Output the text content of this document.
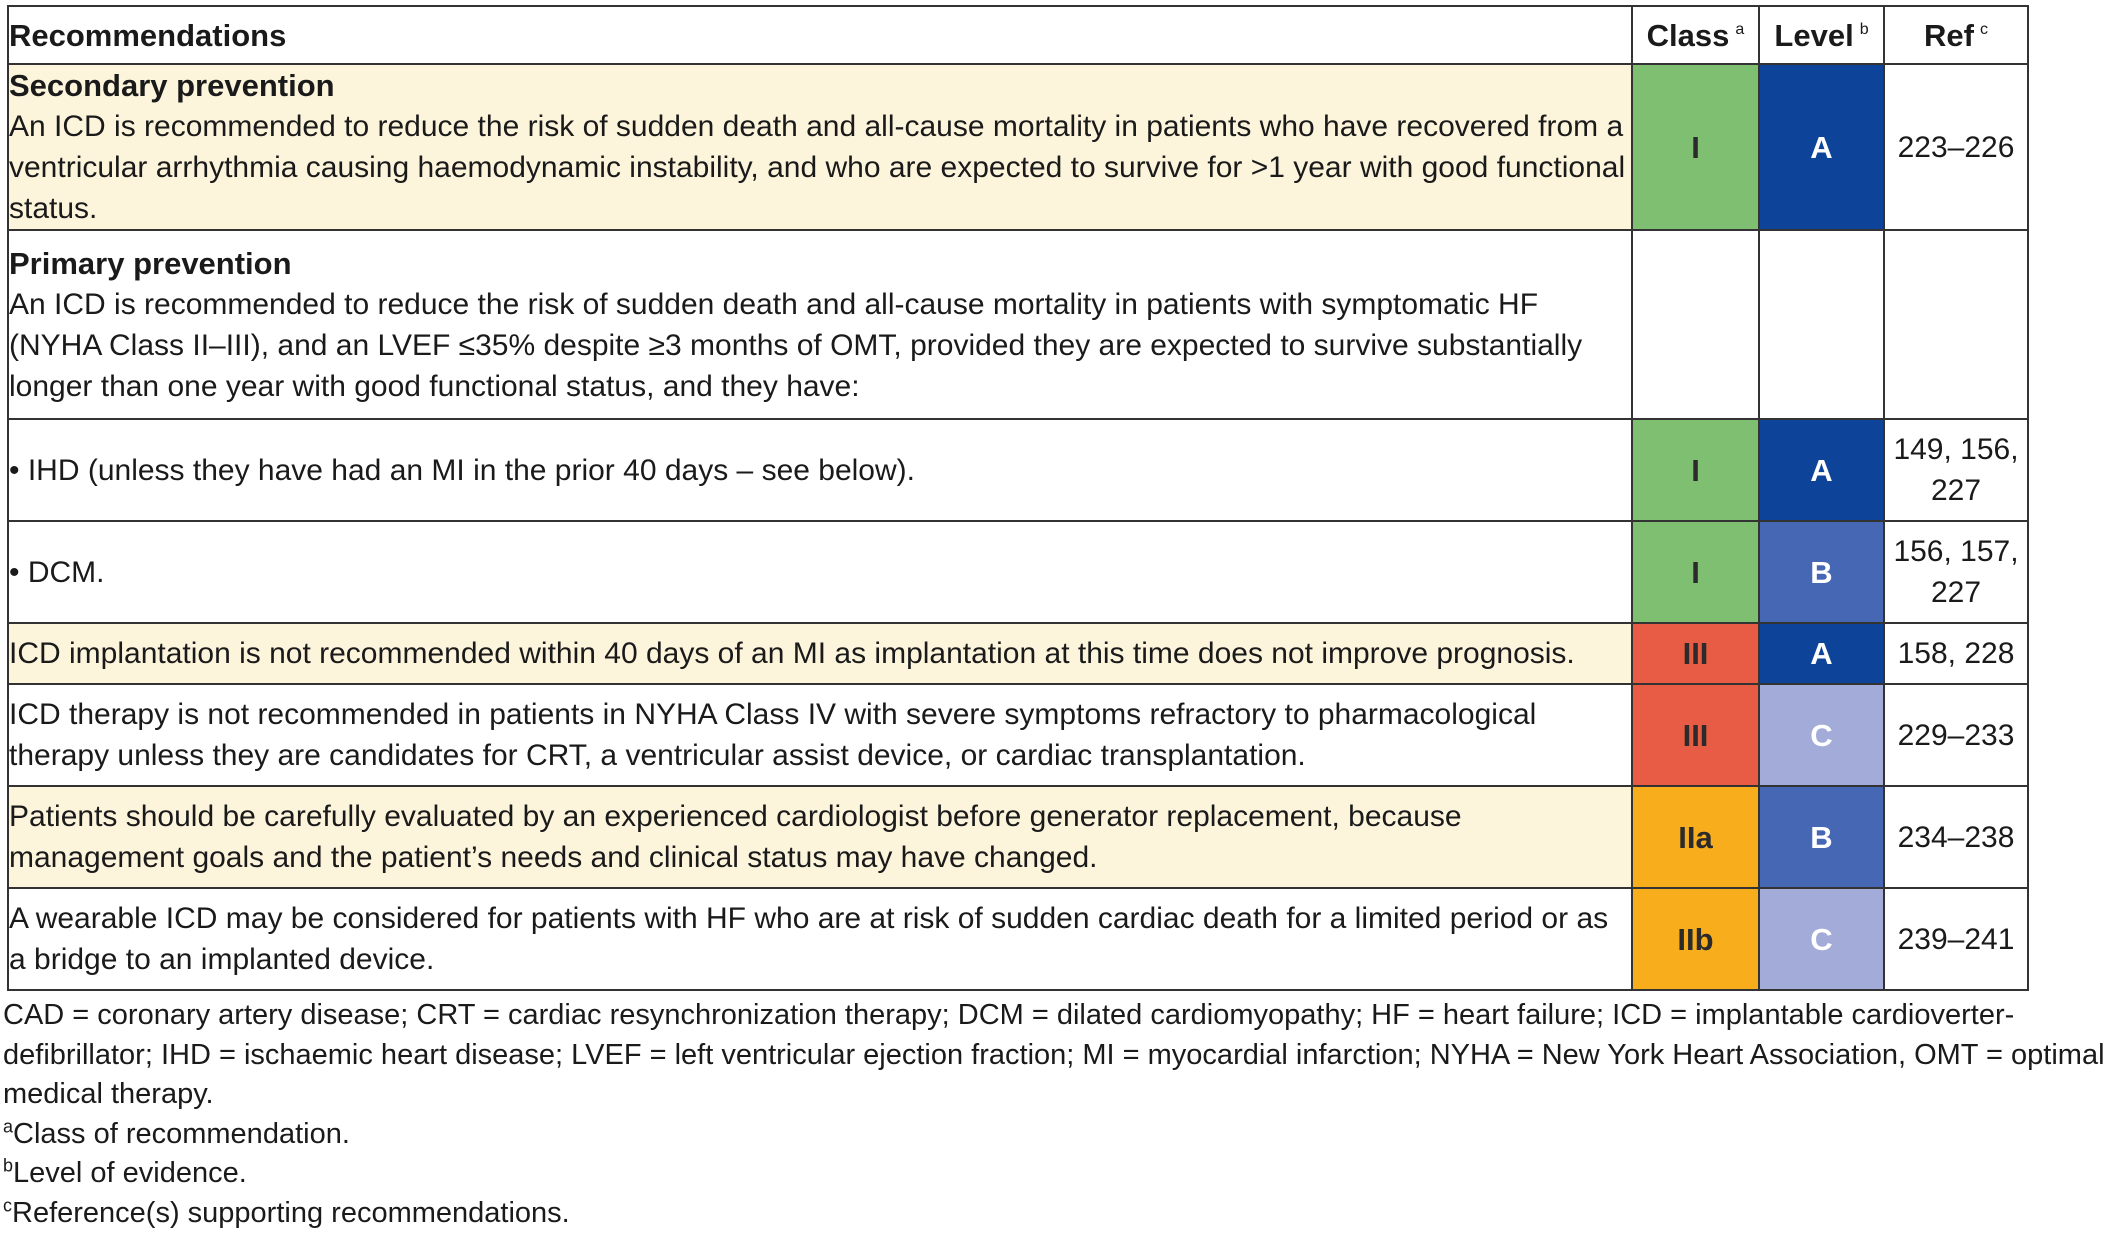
Recommendations	Class $^a$	Level $^b$	Ref $^c$

Secondary prevention
An ICD is recommended to reduce the risk of sudden death and all-cause mortality in patients who have recovered from a ventricular arrhythmia causing haemodynamic instability, and who are expected to survive for >1 year with good functional status.	I	A	223–226

Primary prevention
An ICD is recommended to reduce the risk of sudden death and all-cause mortality in patients with symptomatic HF (NYHA Class II–III), and an LVEF ≤35% despite ≥3 months of OMT, provided they are expected to survive substantially longer than one year with good functional status, and they have:			

• IHD (unless they have had an MI in the prior 40 days – see below).	I	A	149, 156, 227
• DCM.	I	B	156, 157, 227
ICD implantation is not recommended within 40 days of an MI as implantation at this time does not improve prognosis.	III	A	158, 228
ICD therapy is not recommended in patients in NYHA Class IV with severe symptoms refractory to pharmacological therapy unless they are candidates for CRT, a ventricular assist device, or cardiac transplantation.	III	C	229–233
Patients should be carefully evaluated by an experienced cardiologist before generator replacement, because management goals and the patient’s needs and clinical status may have changed.	IIa	B	234–238
A wearable ICD may be considered for patients with HF who are at risk of sudden cardiac death for a limited period or as a bridge to an implanted device.	IIb	C	239–241
CAD = coronary artery disease; CRT = cardiac resynchronization therapy; DCM = dilated cardiomyopathy; HF = heart failure; ICD = implantable cardioverter-defibrillator; IHD = ischaemic heart disease; LVEF = left ventricular ejection fraction; MI = myocardial infarction; NYHA = New York Heart Association, OMT = optimal medical therapy.
$^a$Class of recommendation.
$^b$Level of evidence.
$^c$Reference(s) supporting recommendations.
